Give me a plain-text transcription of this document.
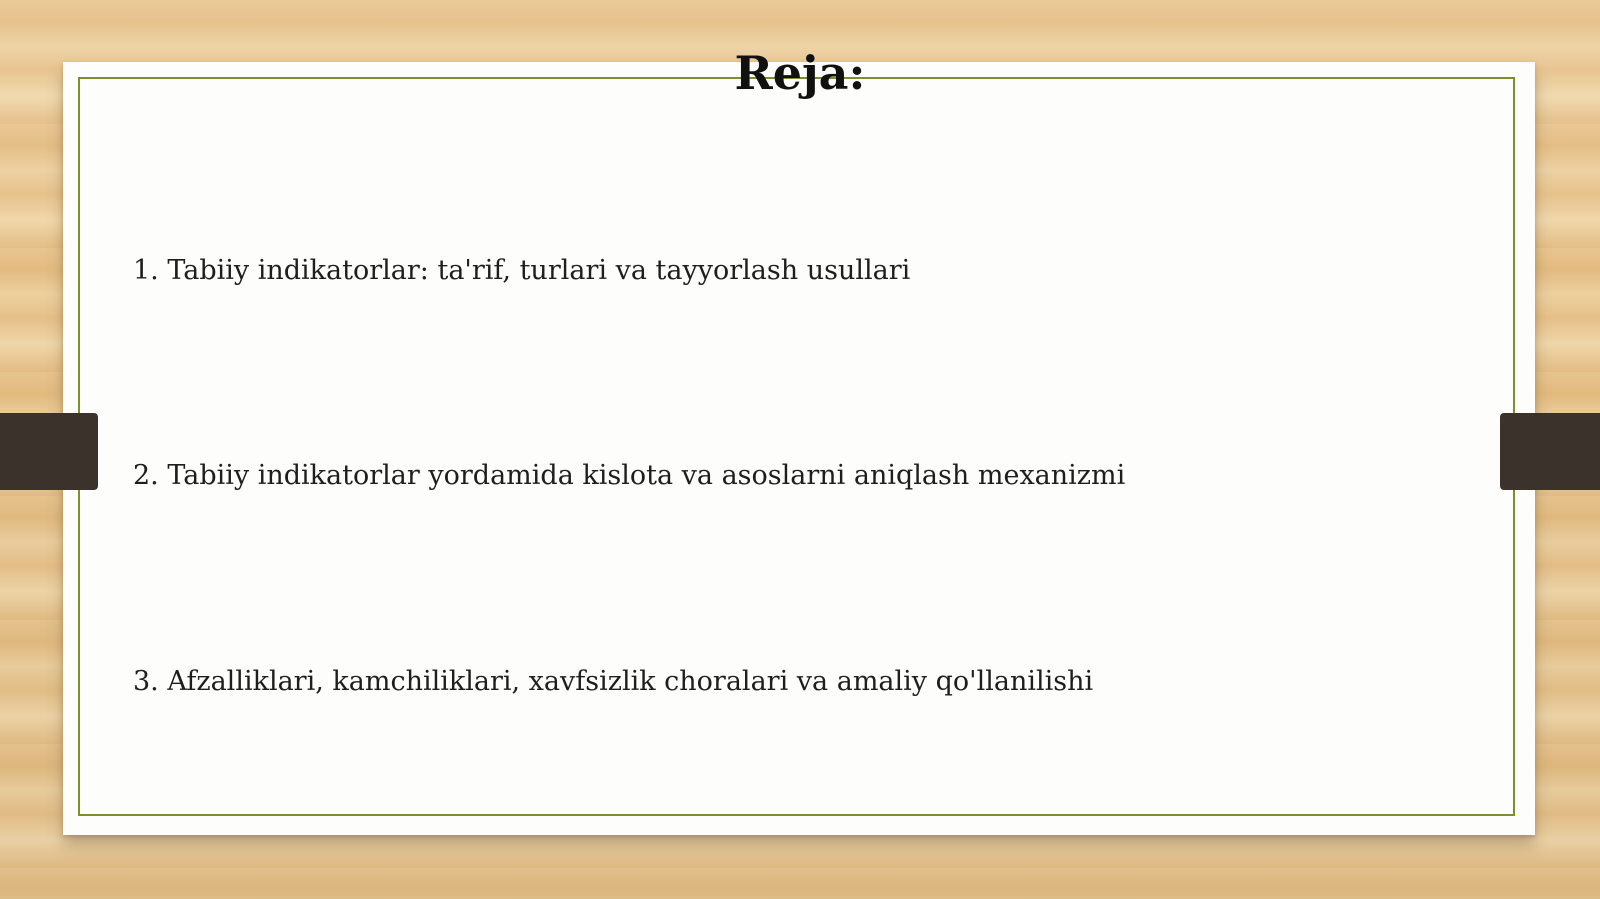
Reja:
1. Tabiiy indikatorlar: ta'rif, turlari va tayyorlash usullari
2. Tabiiy indikatorlar yordamida kislota va asoslarni aniqlash mexanizmi
3. Afzalliklari, kamchiliklari, xavfsizlik choralari va amaliy qo'llanilishi
